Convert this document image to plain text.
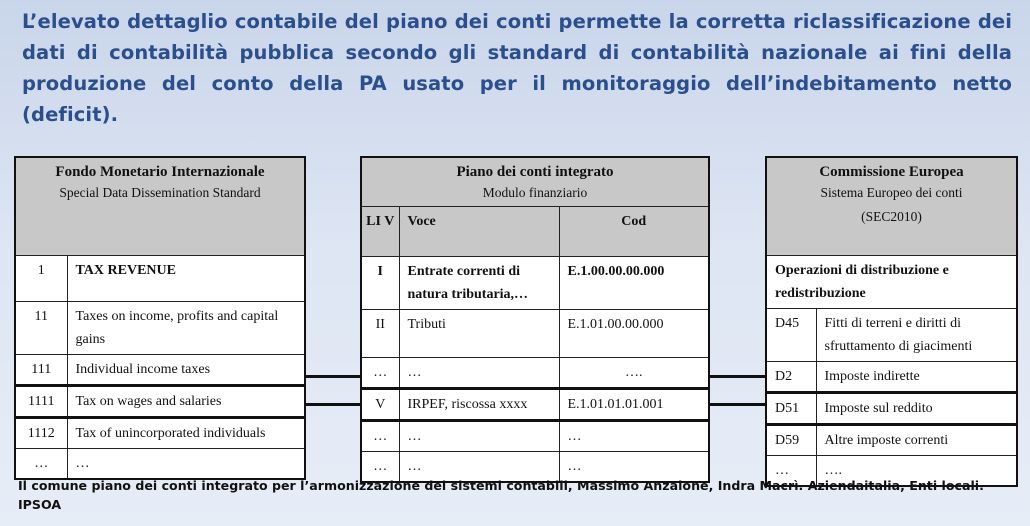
L’elevato dettaglio contabile del piano dei conti permette la corretta riclassificazione dei dati di contabilità pubblica secondo gli standard di contabilità nazionale ai fini della produzione del conto della PA usato per il monitoraggio dell’indebitamento netto (deficit).

Fondo Monetario Internazionale
Special Data Dissemination Standard	

1	TAX REVENUE
11	Taxes on income, profits and capital gains
111	Individual income taxes
1111	Tax on wages and salaries
1112	Tax of unincorporated individuals
…	…
Piano dei conti integrato
Modulo finanziario		

LI V	Voce	Cod
I	Entrate correnti di natura tributaria,…	E.1.00.00.00.000
II	Tributi	E.1.01.00.00.000
…	…	….
V	IRPEF, riscossa xxxx	E.1.01.01.01.001
…	…	…
…	…	…
Commissione Europea
Sistema Europeo dei conti
(SEC2010)	

Operazioni di distribuzione e redistribuzione	
D45	Fitti di terreni e diritti di sfruttamento di giacimenti
D2	Imposte indirette
D51	Imposte sul reddito
D59	Altre imposte correnti
…	….

Il comune piano dei conti integrato per l’armonizzazione dei sistemi contabili, Massimo Anzalone, Indra Macrì. Aziendaitalia, Enti locali. IPSOA
